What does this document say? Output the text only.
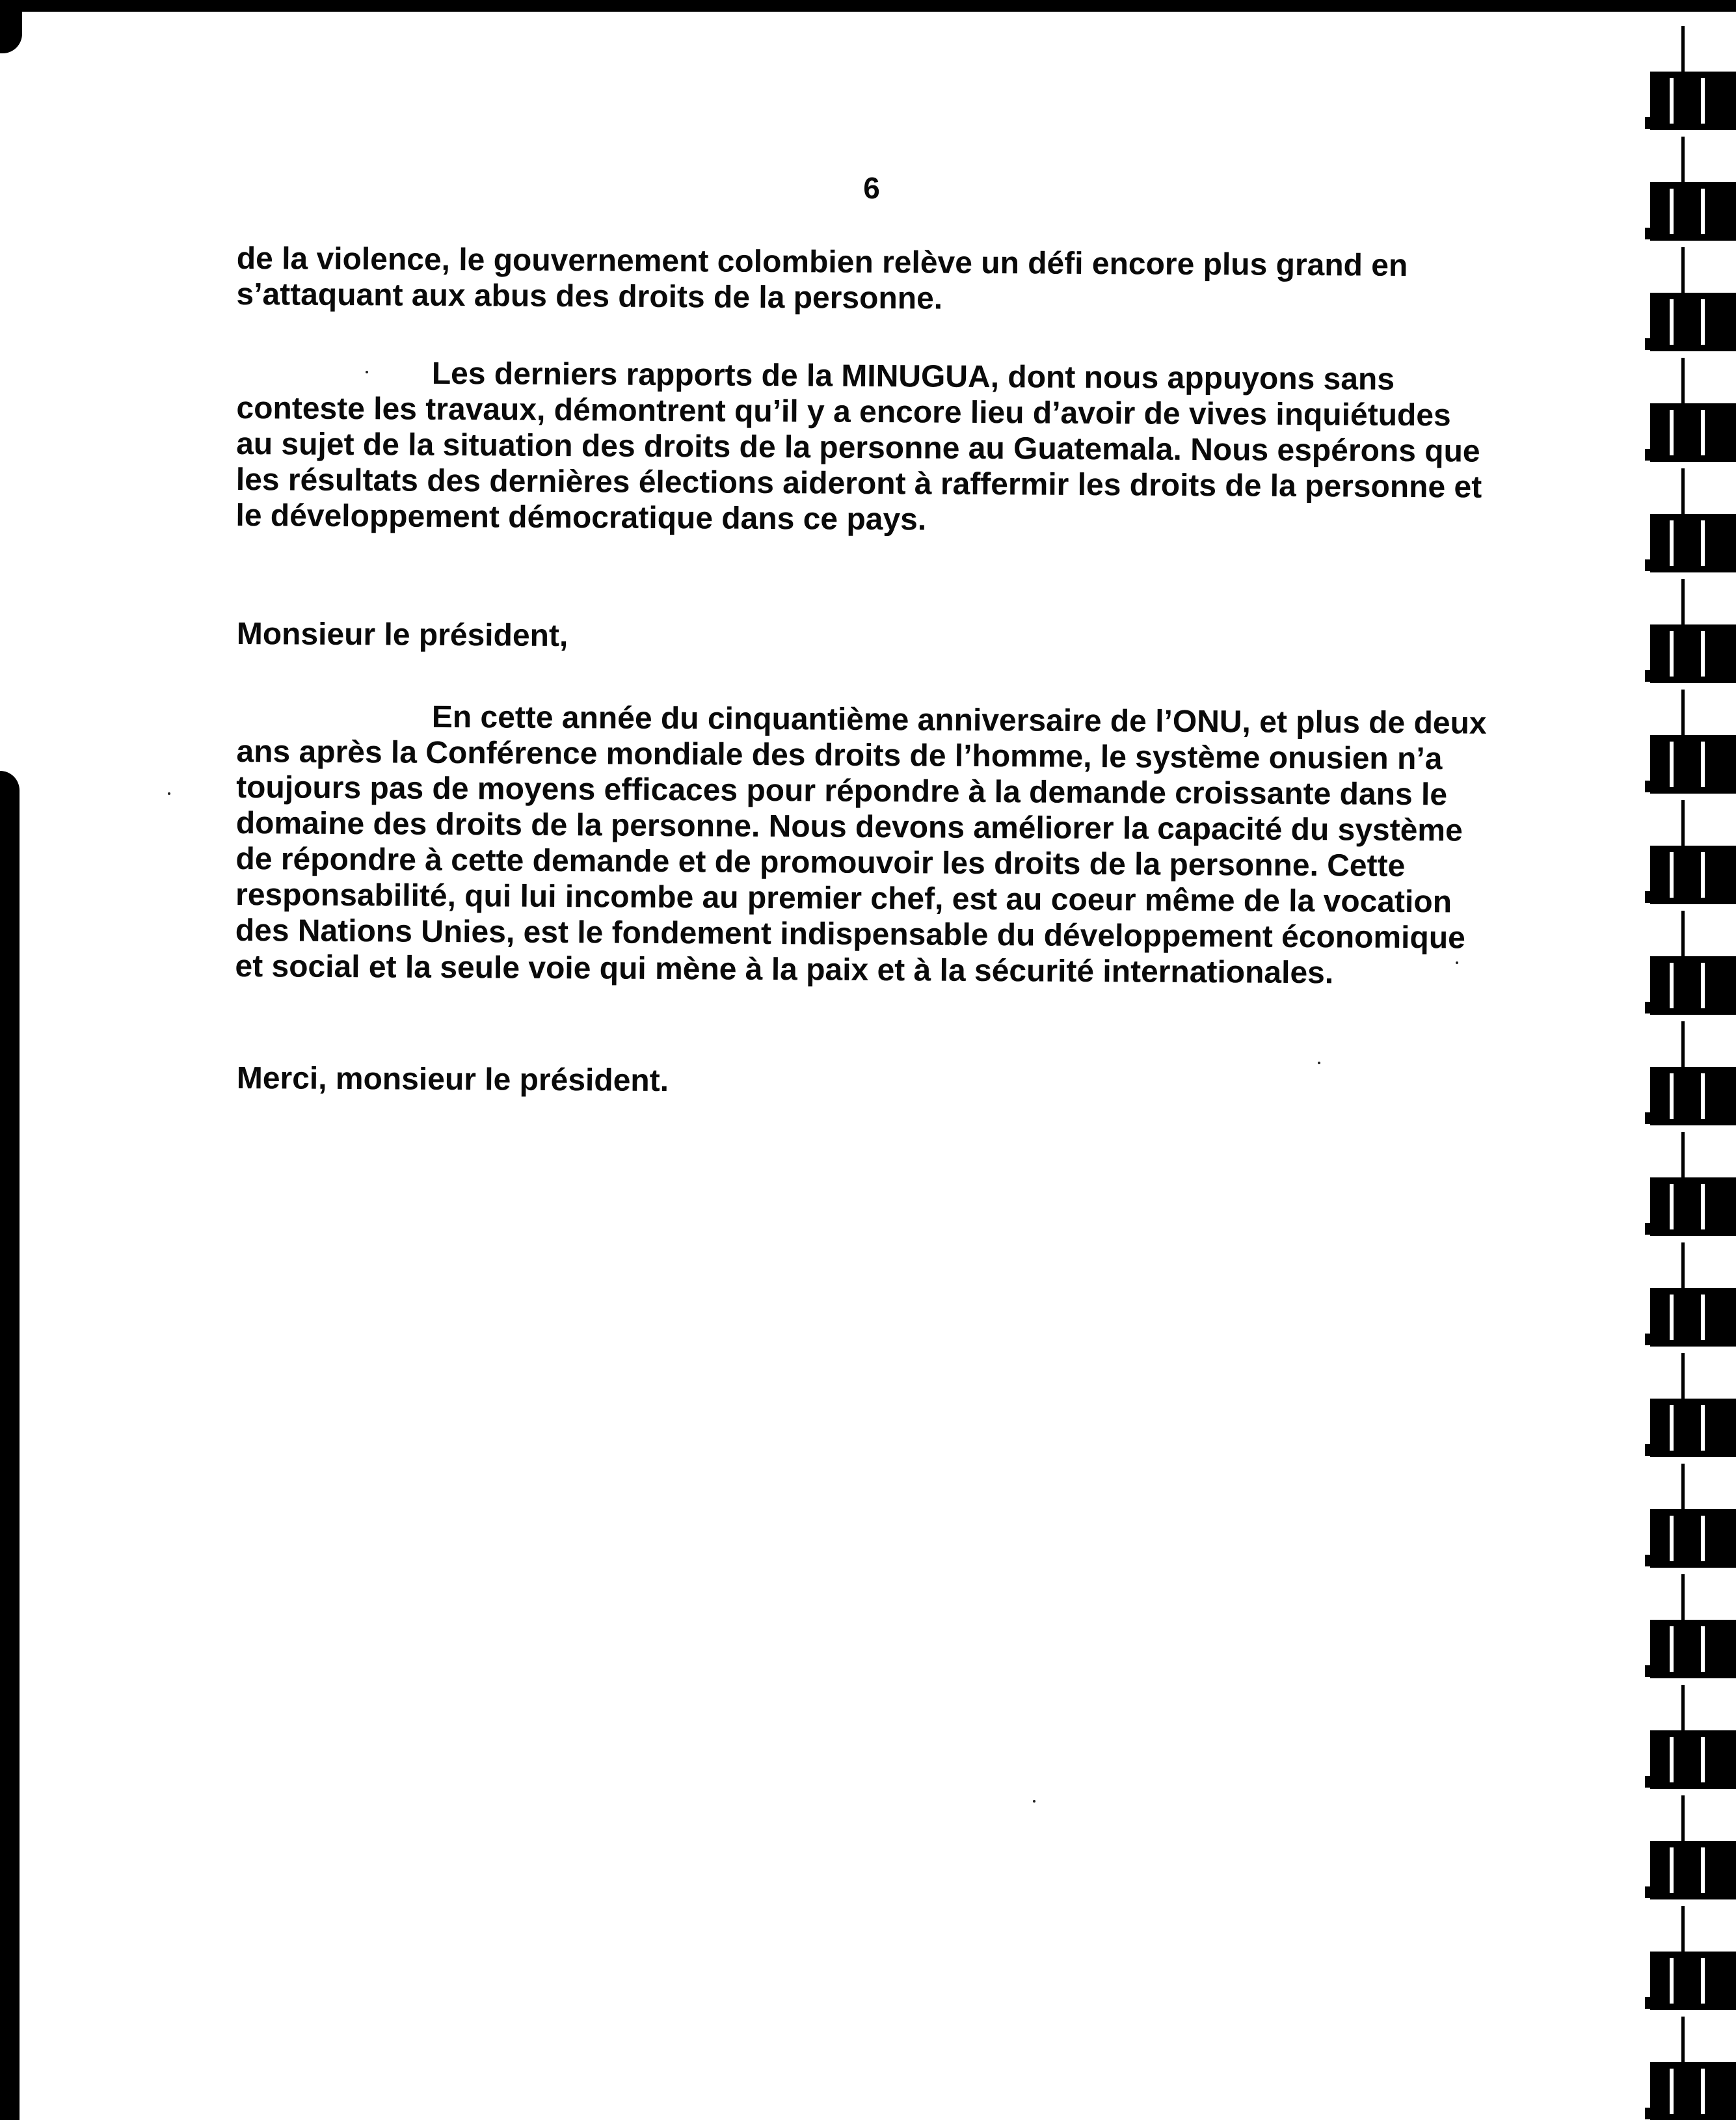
6

de la violence, le gouvernement colombien relève un défi encore plus grand en s’attaquant aux abus des droits de la personne.

Les derniers rapports de la MINUGUA, dont nous appuyons sans conteste les travaux, démontrent qu’il y a encore lieu d’avoir de vives inquiétudes au sujet de la situation des droits de la personne au Guatemala. Nous espérons que les résultats des dernières élections aideront à raffermir les droits de la personne et le développement démocratique dans ce pays.

Monsieur le président,

En cette année du cinquantième anniversaire de l’ONU, et plus de deux ans après la Conférence mondiale des droits de l’homme, le système onusien n’a toujours pas de moyens efficaces pour répondre à la demande croissante dans le domaine des droits de la personne. Nous devons améliorer la capacité du système de répondre à cette demande et de promouvoir les droits de la personne. Cette responsabilité, qui lui incombe au premier chef, est au coeur même de la vocation des Nations Unies, est le fondement indispensable du développement économique et social et la seule voie qui mène à la paix et à la sécurité internationales.

Merci, monsieur le président.
